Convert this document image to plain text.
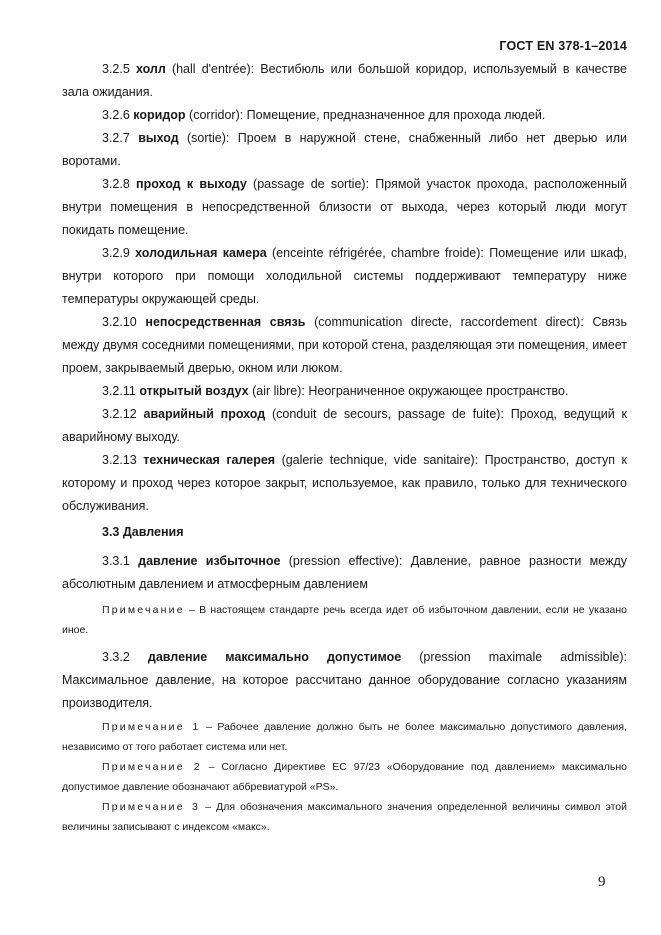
ГОСТ EN 378-1–2014

3.2.5 холл (hall d'entrée): Вестибюль или большой коридор, используемый в качестве зала ожидания.

3.2.6 коридор (corridor): Помещение, предназначенное для прохода людей.

3.2.7 выход (sortie): Проем в наружной стене, снабженный либо нет дверью или воротами.

3.2.8 проход к выходу (passage de sortie): Прямой участок прохода, расположенный внутри помещения в непосредственной близости от выхода, через который люди могут покидать помещение.

3.2.9 холодильная камера (enceinte réfrigérée, chambre froide): Помещение или шкаф, внутри которого при помощи холодильной системы поддерживают температуру ниже температуры окружающей среды.

3.2.10 непосредственная связь (communication directe, raccordement direct): Связь между двумя соседними помещениями, при которой стена, разделяющая эти помещения, имеет проем, закрываемый дверью, окном или люком.

3.2.11 открытый воздух (air libre): Неограниченное окружающее пространство.

3.2.12 аварийный проход (conduit de secours, passage de fuite): Проход, ведущий к аварийному выходу.

3.2.13 техническая галерея (galerie technique, vide sanitaire): Пространство, доступ к которому и проход через которое закрыт, используемое, как правило, только для технического обслуживания.

3.3 Давления

3.3.1 давление избыточное (pression effective): Давление, равное разности между абсолютным давлением и атмосферным давлением

Примечание – В настоящем стандарте речь всегда идет об избыточном давлении, если не указано иное.

3.3.2 давление максимально допустимое (pression maximale admissible): Максимальное давление, на которое рассчитано данное оборудование согласно указаниям производителя.

Примечание 1 – Рабочее давление должно быть не более максимально допустимого давления, независимо от того работает система или нет.

Примечание 2 – Согласно Директиве ЕС 97/23 «Оборудование под давлением» максимально допустимое давление обозначают аббревиатурой «PS».

Примечание 3 – Для обозначения максимального значения определенной величины символ этой величины записывают с индексом «макс».

9
